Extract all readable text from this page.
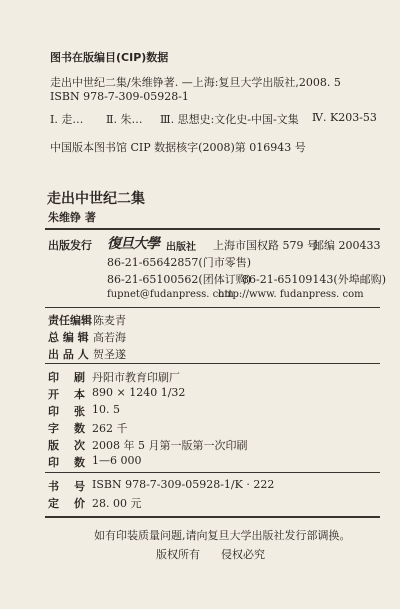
图书在版编目(CIP)数据
走出中世纪二集/朱维铮著. —上海:复旦大学出版社,2008. 5
ISBN 978-7-309-05928-1
Ⅰ. 走… Ⅱ. 朱… Ⅲ. 思想史:文化史-中国-文集 Ⅳ. K203-53
中国版本图书馆 CIP 数据核字(2008)第 016943 号
走出中世纪二集
朱维铮 著
出版发行 復旦大學 出版社 上海市国权路 579 号
邮编 200433
86-21-65642857(门市零售)
86-21-65100562(团体订购)
86-21-65109143(外埠邮购)
fupnet@fudanpress. com
http://www. fudanpress. com
责任编辑 陈麦青
总 编 辑 高若海
出 品 人 贺圣遂
印 刷 丹阳市教育印刷厂
开 本 890 × 1240 1/32
印 张 10. 5
字 数 262 千
版 次 2008 年 5 月第一版第一次印刷
印 数 1—6 000
书 号 ISBN 978-7-309-05928-1/K · 222
定 价 28. 00 元
如有印装质量问题,请向复旦大学出版社发行部调换。
版权所有      侵权必究
